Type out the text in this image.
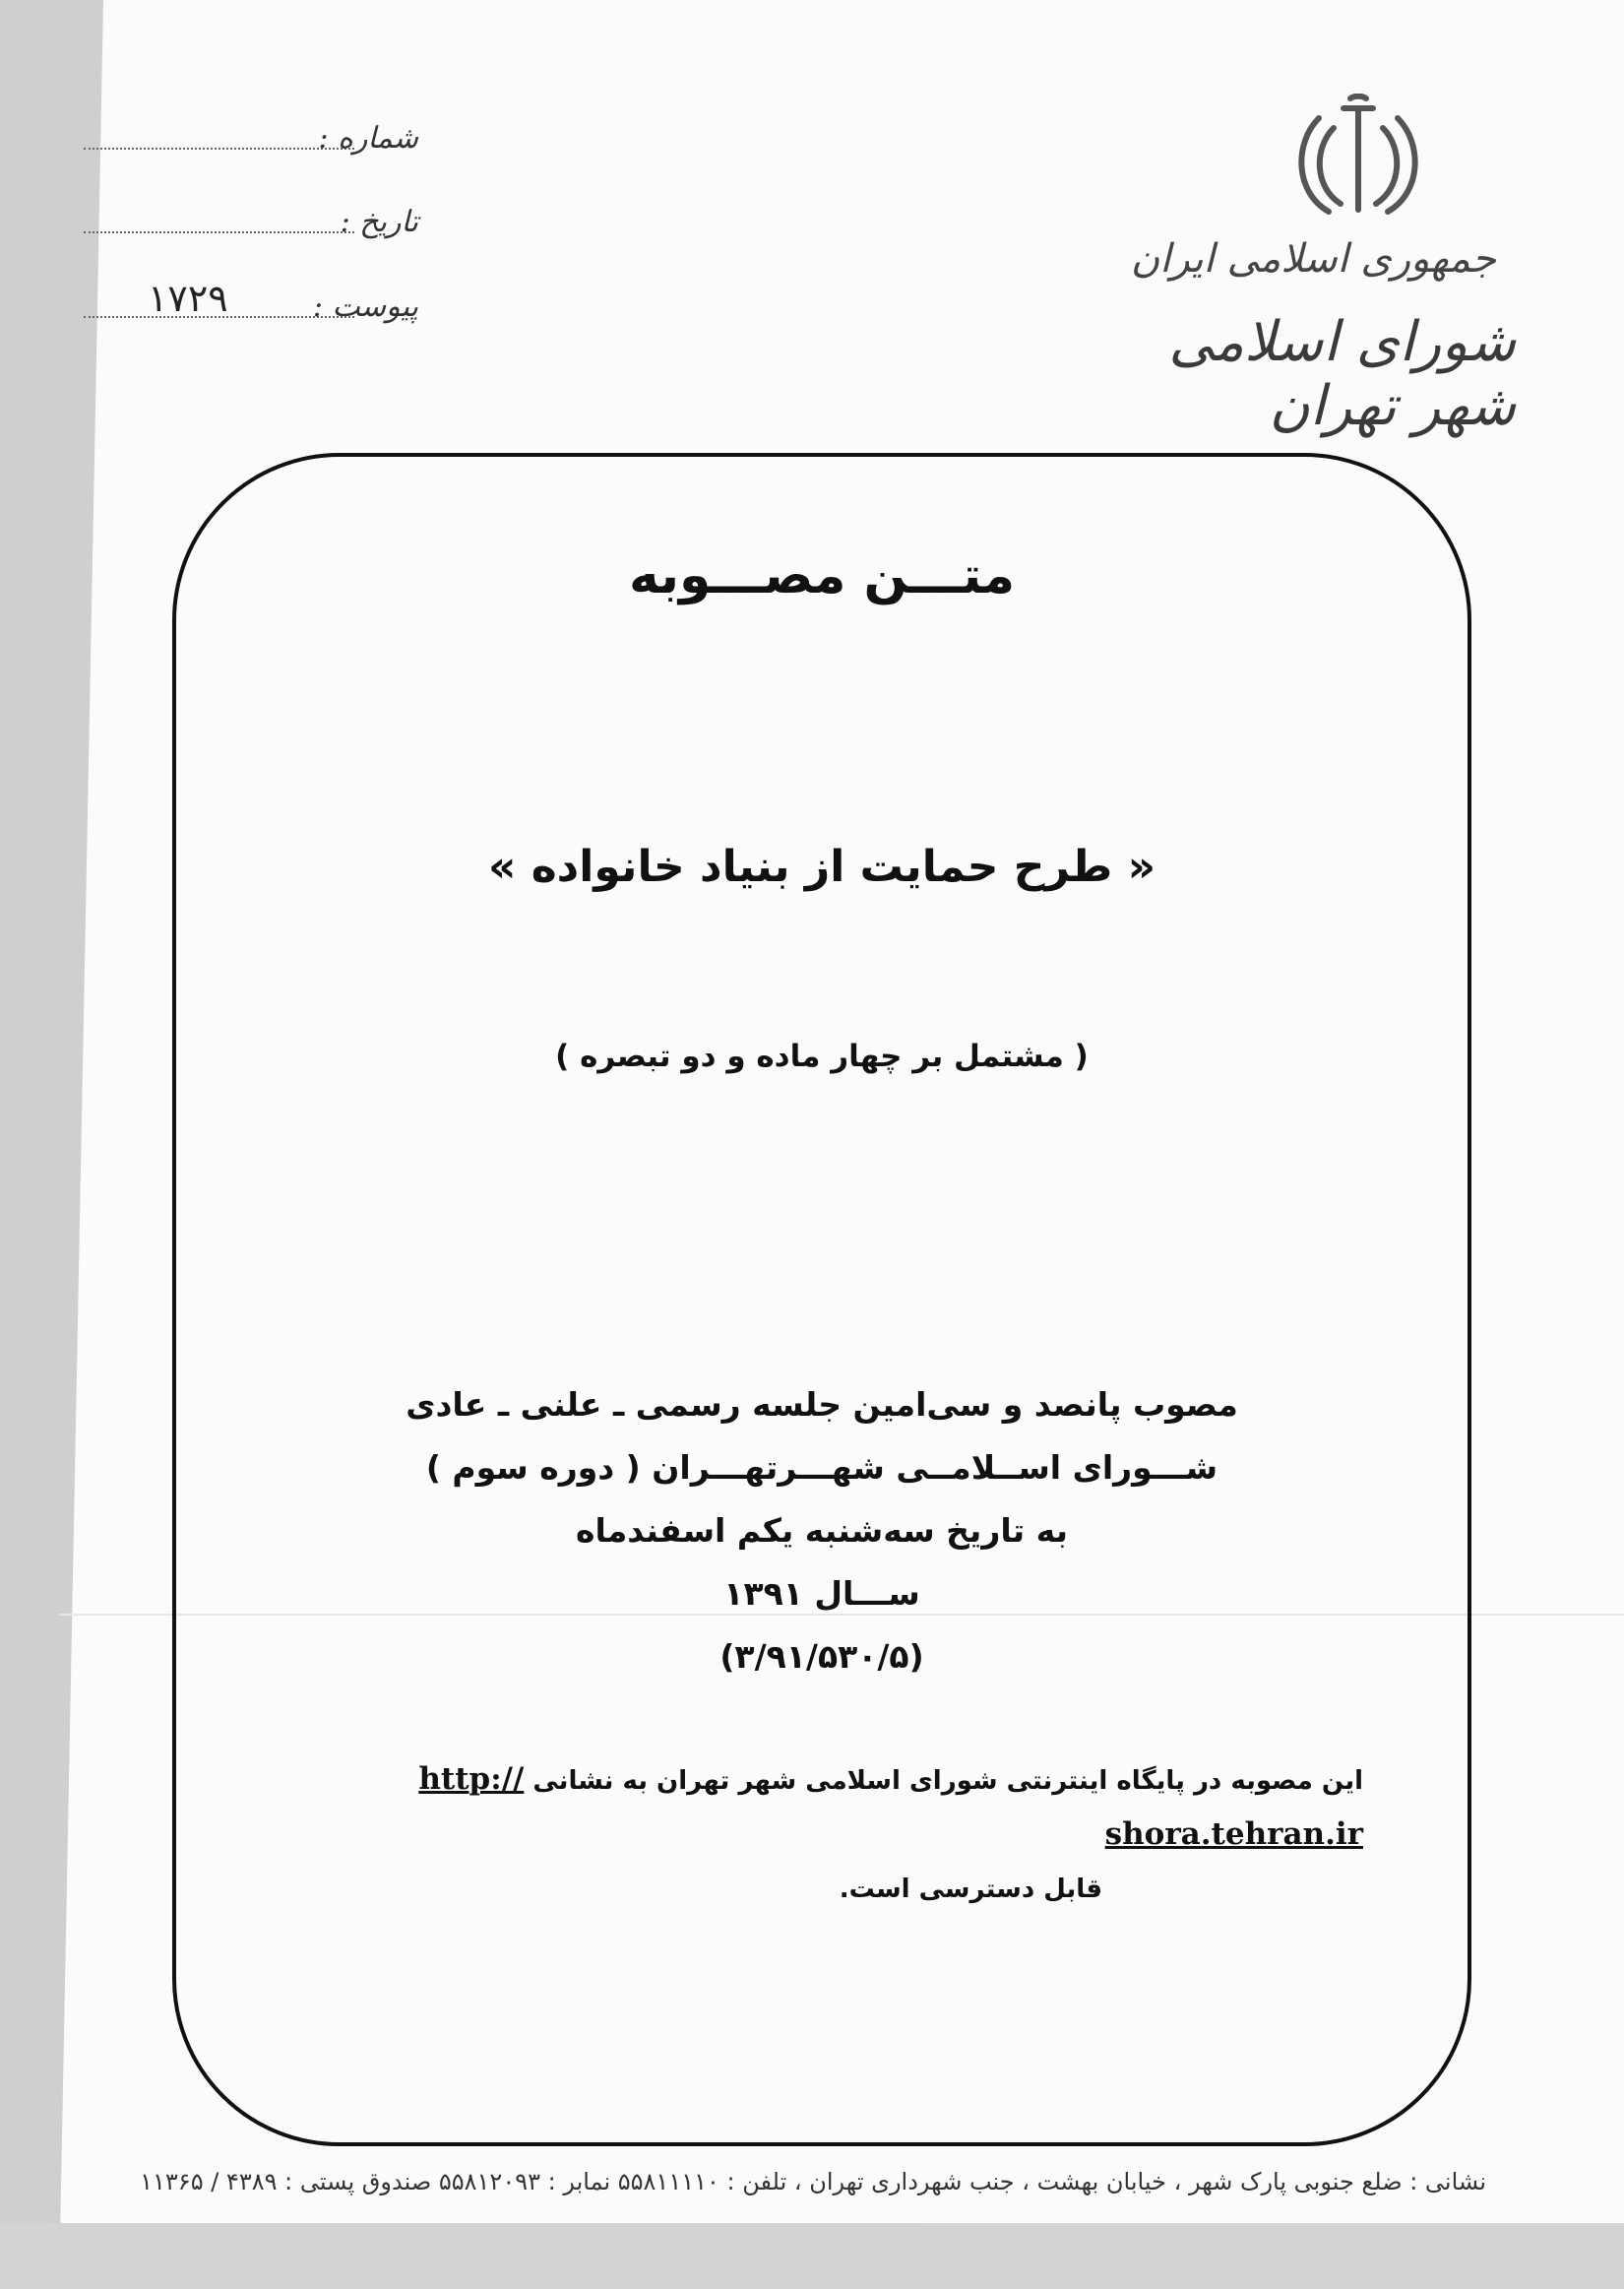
جمهوری اسلامی ایران
شورای اسلامی شهر تهران
شماره :
تاریخ :
پیوست :
۱۷۲۹
متـــن مصـــوبه
« طرح حمایت از بنیاد خانواده »
( مشتمل بر چهار ماده و دو تبصره )
مصوب پانصد و سی‌امین جلسه رسمی ـ علنی ـ عادی
شـــورای اســلامــی شهـــرتهـــران ( دوره سوم )
به تاریخ سه‌شنبه یکم اسفندماه
ســـال ۱۳۹۱
(۳/۹۱/۵۳۰/۵)
این مصوبه در پایگاه اینترنتی شورای اسلامی شهر تهران به نشانی http:// shora.tehran.ir
قابل دسترسی است.
نشانی : ضلع جنوبی پارک شهر ، خیابان بهشت ، جنب شهرداری تهران ، تلفن : ۵۵۸۱۱۱۱۰ نمابر : ۵۵۸۱۲۰۹۳ صندوق پستی : ۴۳۸۹ / ۱۱۳۶۵
